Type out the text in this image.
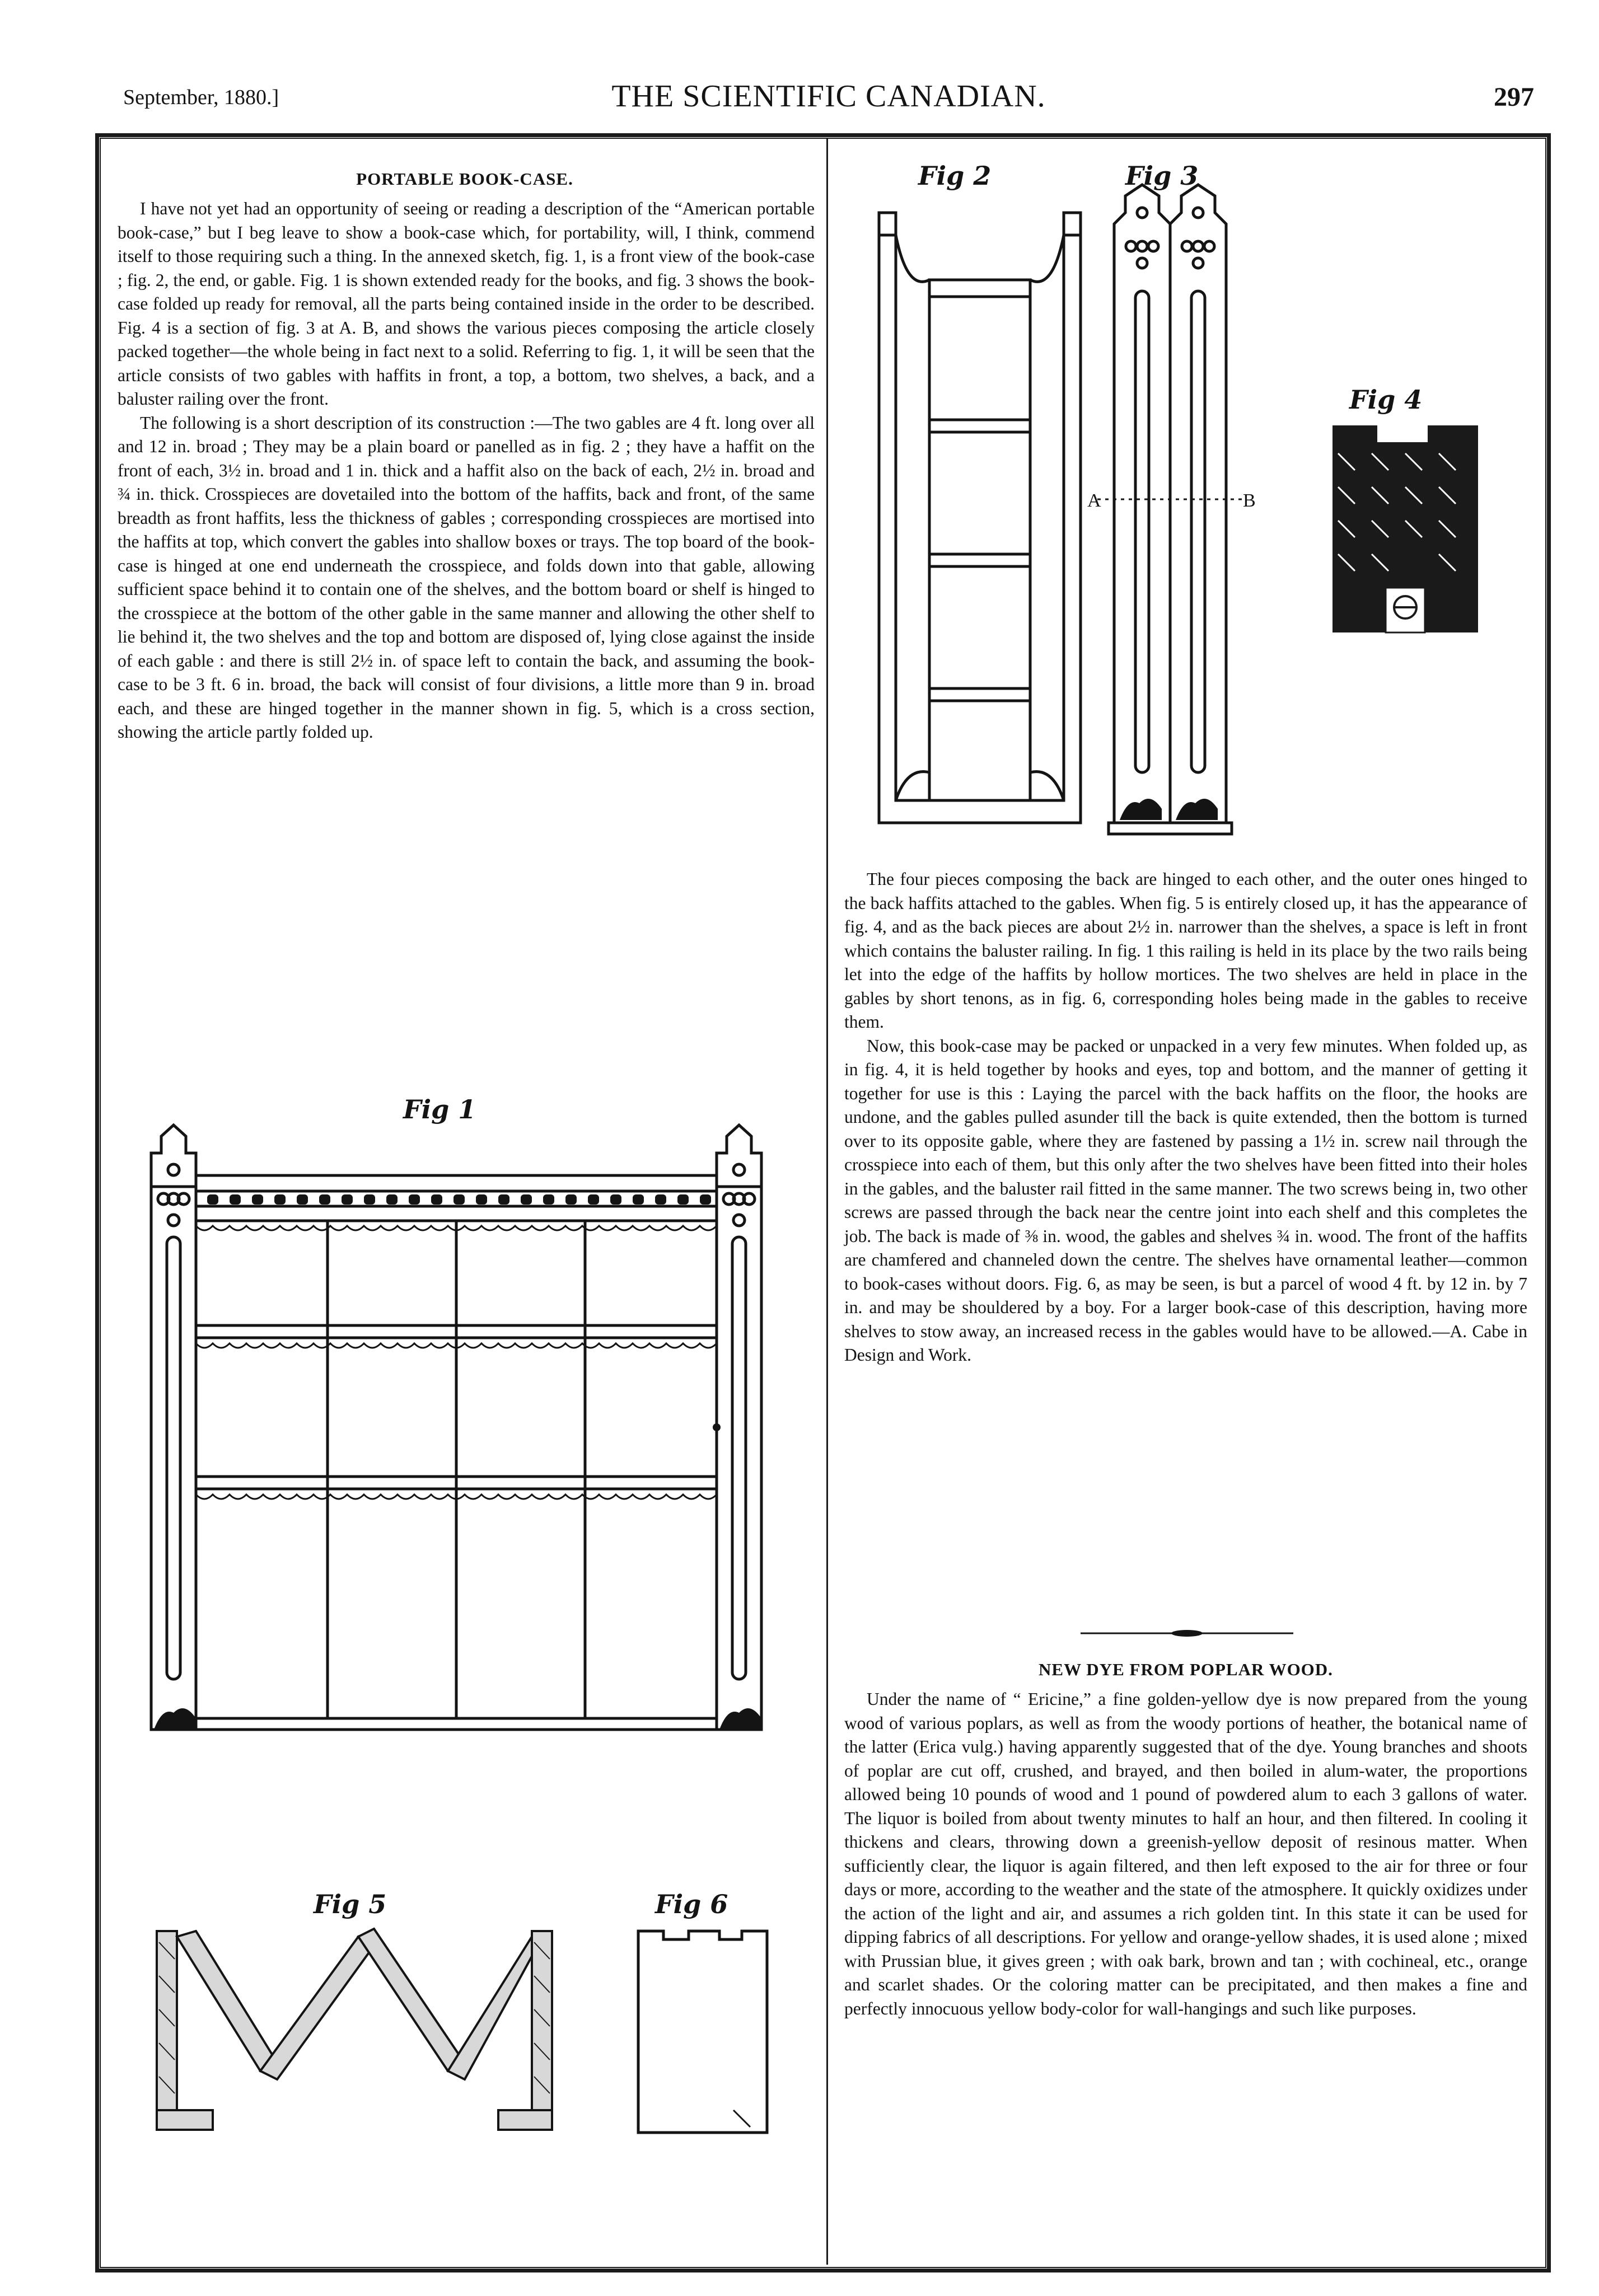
September, 1880.]	THE SCIENTIFIC CANADIAN.	297
PORTABLE BOOK-CASE.

I have not yet had an opportunity of seeing or reading a description of the “American portable book-case,” but I beg leave to show a book-case which, for portability, will, I think, commend itself to those requiring such a thing. In the annexed sketch, fig. 1, is a front view of the book-case ; fig. 2, the end, or gable. Fig. 1 is shown extended ready for the books, and fig. 3 shows the book-case folded up ready for removal, all the parts being contained inside in the order to be described. Fig. 4 is a section of fig. 3 at A. B, and shows the various pieces composing the article closely packed together—the whole being in fact next to a solid. Referring to fig. 1, it will be seen that the article consists of two gables with haffits in front, a top, a bottom, two shelves, a back, and a baluster railing over the front.

The following is a short description of its construction :—The two gables are 4 ft. long over all and 12 in. broad ; They may be a plain board or panelled as in fig. 2 ; they have a haffit on the front of each, 3½ in. broad and 1 in. thick and a haffit also on the back of each, 2½ in. broad and ¾ in. thick. Crosspieces are dovetailed into the bottom of the haffits, back and front, of the same breadth as front haffits, less the thickness of gables ; corresponding crosspieces are mortised into the haffits at top, which convert the gables into shallow boxes or trays. The top board of the book-case is hinged at one end underneath the crosspiece, and folds down into that gable, allowing sufficient space behind it to contain one of the shelves, and the bottom board or shelf is hinged to the crosspiece at the bottom of the other gable in the same manner and allowing the other shelf to lie behind it, the two shelves and the top and bottom are disposed of, lying close against the inside of each gable : and there is still 2½ in. of space left to contain the back, and assuming the book-case to be 3 ft. 6 in. broad, the back will consist of four divisions, a little more than 9 in. broad each, and these are hinged together in the manner shown in fig. 5, which is a cross section, showing the article partly folded up.

Fig 1
Fig 5	Fig 6
Fig 2	Fig 3
A	B
Fig 4

The four pieces composing the back are hinged to each other, and the outer ones hinged to the back haffits attached to the gables. When fig. 5 is entirely closed up, it has the appearance of fig. 4, and as the back pieces are about 2½ in. narrower than the shelves, a space is left in front which contains the baluster railing. In fig. 1 this railing is held in its place by the two rails being let into the edge of the haffits by hollow mortices. The two shelves are held in place in the gables by short tenons, as in fig. 6, corresponding holes being made in the gables to receive them.

Now, this book-case may be packed or unpacked in a very few minutes. When folded up, as in fig. 4, it is held together by hooks and eyes, top and bottom, and the manner of getting it together for use is this : Laying the parcel with the back haffits on the floor, the hooks are undone, and the gables pulled asunder till the back is quite extended, then the bottom is turned over to its opposite gable, where they are fastened by passing a 1½ in. screw nail through the crosspiece into each of them, but this only after the two shelves have been fitted into their holes in the gables, and the baluster rail fitted in the same manner. The two screws being in, two other screws are passed through the back near the centre joint into each shelf and this completes the job. The back is made of ⅜ in. wood, the gables and shelves ¾ in. wood. The front of the haffits are chamfered and channeled down the centre. The shelves have ornamental leather—common to book-cases without doors. Fig. 6, as may be seen, is but a parcel of wood 4 ft. by 12 in. by 7 in. and may be shouldered by a boy. For a larger book-case of this description, having more shelves to stow away, an increased recess in the gables would have to be allowed.—A. Cabe in Design and Work.

NEW DYE FROM POPLAR WOOD.

Under the name of “ Ericine,” a fine golden-yellow dye is now prepared from the young wood of various poplars, as well as from the woody portions of heather, the botanical name of the latter (Erica vulg.) having apparently suggested that of the dye. Young branches and shoots of poplar are cut off, crushed, and brayed, and then boiled in alum-water, the proportions allowed being 10 pounds of wood and 1 pound of powdered alum to each 3 gallons of water. The liquor is boiled from about twenty minutes to half an hour, and then filtered. In cooling it thickens and clears, throwing down a greenish-yellow deposit of resinous matter. When sufficiently clear, the liquor is again filtered, and then left exposed to the air for three or four days or more, according to the weather and the state of the atmosphere. It quickly oxidizes under the action of the light and air, and assumes a rich golden tint. In this state it can be used for dipping fabrics of all descriptions. For yellow and orange-yellow shades, it is used alone ; mixed with Prussian blue, it gives green ; with oak bark, brown and tan ; with cochineal, etc., orange and scarlet shades. Or the coloring matter can be precipitated, and then makes a fine and perfectly innocuous yellow body-color for wall-hangings and such like purposes.
